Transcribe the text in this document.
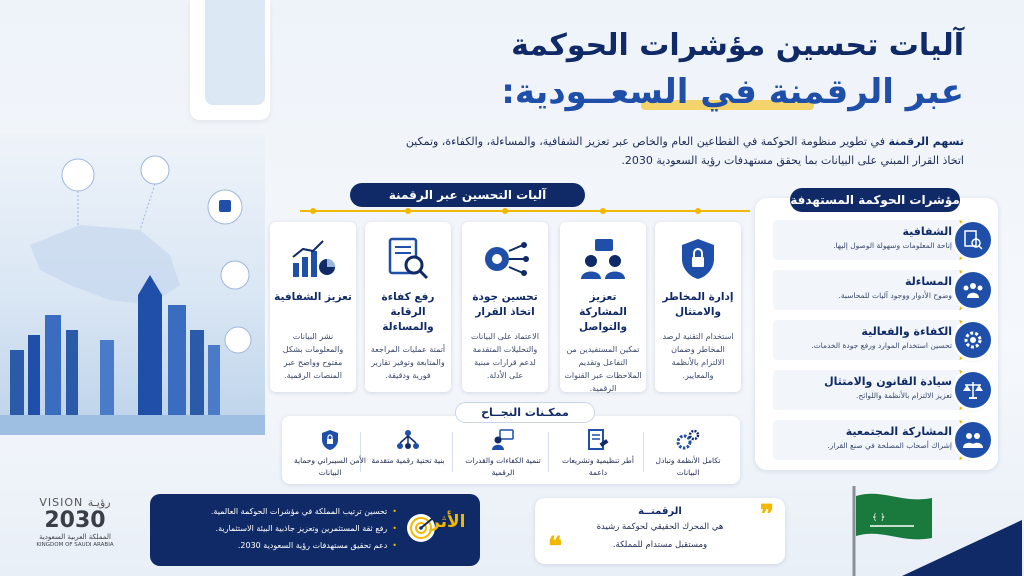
آليات تحسين مؤشرات الحوكمة
عبر الرقمنة في السعــودية:
تسهم الرقمنة في تطوير منظومة الحوكمة في القطاعين العام والخاص عبر تعزيز الشفافية، والمساءلة، والكفاءة، وتمكين اتخاذ القرار المبني على البيانات بما يحقق مستهدفات رؤية السعودية 2030.
آليات التحسين عبر الرقمنة
إدارة المخاطر والامتثال
استخدام التقنية لرصد المخاطر وضمان الالتزام بالأنظمة والمعايير.
تعزيز المشاركة والتواصل
تمكين المستفيدين من التفاعل وتقديم الملاحظات عبر القنوات الرقمية.
تحسين جودة اتخاذ القرار
الاعتماد على البيانات والتحليلات المتقدمة لدعم قرارات مبنية على الأدلة.
رفع كفاءة الرقابة والمساءلة
أتمتة عمليات المراجعة والمتابعة وتوفير تقارير فورية ودقيقة.
تعزيز الشفافية
نشر البيانات والمعلومات بشكل مفتوح وواضح عبر المنصات الرقمية.
مؤشرات الحوكمة المستهدفة
الشفافية
إتاحة المعلومات وسهولة الوصول إليها.
المساءلة
وضوح الأدوار ووجود آليات للمحاسبة.
الكفاءة والفعالية
تحسين استخدام الموارد ورفع جودة الخدمات.
سيادة القانون والامتثال
تعزيز الالتزام بالأنظمة واللوائح.
المشاركة المجتمعية
إشراك أصحاب المصلحة في صنع القرار.
ممكـنات النجــاح
تكامل الأنظمة وتبادل البيانات
أطر تنظيمية وتشريعات داعمة
تنمية الكفاءات والقدرات الرقمية
بنية تحتية رقمية متقدمة
الأمن السيبراني وحماية البيانات
VISION رؤيـة
2030
المملكة العربية السعودية
KINGDOM OF SAUDI ARABIA
• تحسين ترتيب المملكة في مؤشرات الحوكمة العالمية.
• رفع ثقة المستثمرين وتعزيز جاذبية البيئة الاستثمارية.
• دعم تحقيق مستهدفات رؤية السعودية 2030.
الأثر
الرقمنــة
هي المحرك الحقيقي لحوكمة رشيدة
ومستقبل مستدام للمملكة.
❞
❝
﴾ ﴿
